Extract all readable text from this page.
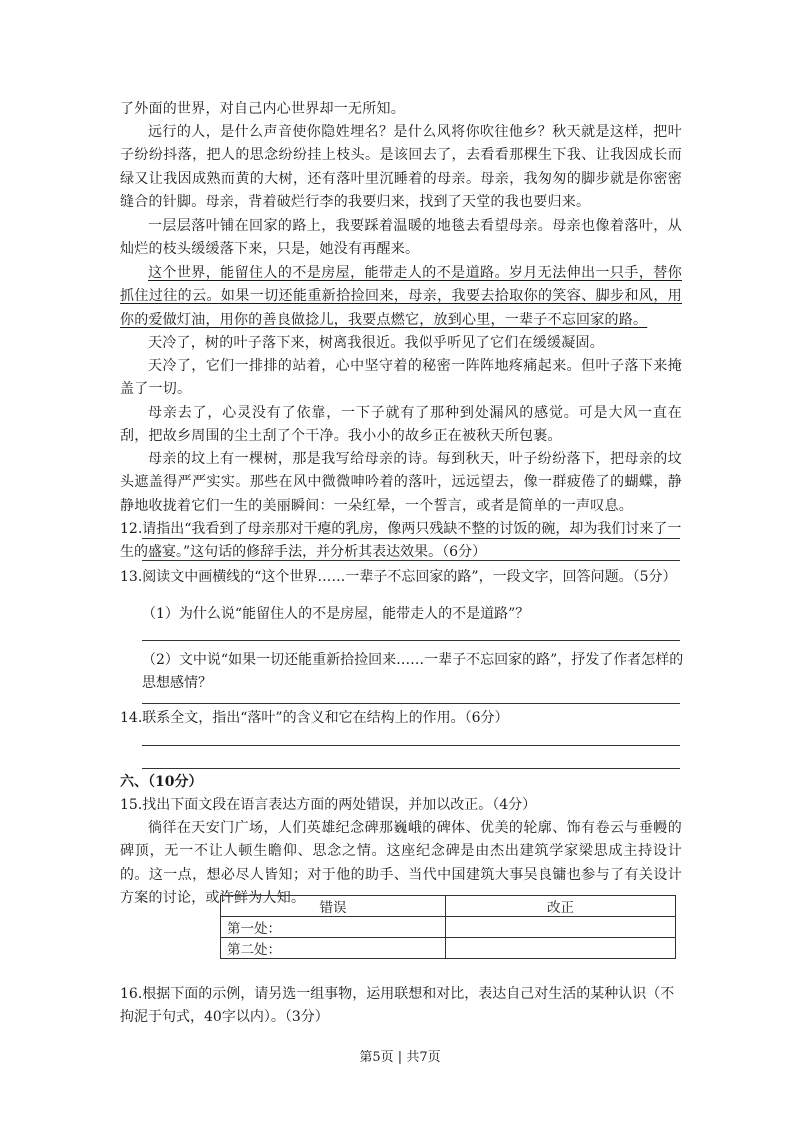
了外面的世界，对自己内心世界却一无所知。

远行的人，是什么声音使你隐姓埋名？是什么风将你吹往他乡？秋天就是这样，把叶子纷纷抖落，把人的思念纷纷挂上枝头。是该回去了，去看看那棵生下我、让我因成长而绿又让我因成熟而黄的大树，还有落叶里沉睡着的母亲。母亲，我匆匆的脚步就是你密密缝合的针脚。母亲，背着破烂行李的我要归来，找到了天堂的我也要归来。

一层层落叶铺在回家的路上，我要踩着温暖的地毯去看望母亲。母亲也像着落叶，从灿烂的枝头缓缓落下来，只是，她没有再醒来。

这个世界，能留住人的不是房屋，能带走人的不是道路。岁月无法伸出一只手，替你抓住过往的云。如果一切还能重新拾捡回来，母亲，我要去拾取你的笑容、脚步和风，用你的爱做灯油，用你的善良做捻儿，我要点燃它，放到心里，一辈子不忘回家的路。

天冷了，树的叶子落下来，树离我很近。我似乎听见了它们在缓缓凝固。

天冷了，它们一排排的站着，心中坚守着的秘密一阵阵地疼痛起来。但叶子落下来掩盖了一切。

母亲去了，心灵没有了依靠，一下子就有了那种到处漏风的感觉。可是大风一直在刮，把故乡周围的尘土刮了个干净。我小小的故乡正在被秋天所包裹。

母亲的坟上有一棵树，那是我写给母亲的诗。每到秋天，叶子纷纷落下，把母亲的坟头遮盖得严严实实。那些在风中微微呻吟着的落叶，远远望去，像一群疲倦了的蝴蝶，静静地收拢着它们一生的美丽瞬间：一朵红晕，一个誓言，或者是简单的一声叹息。

12.请指出“我看到了母亲那对干瘪的乳房，像两只残缺不整的讨饭的碗，却为我们讨来了一生的盛宴。”这句话的修辞手法，并分析其表达效果。（6分）

13.阅读文中画横线的“这个世界……一辈子不忘回家的路”，一段文字，回答问题。（5分）

（1）为什么说“能留住人的不是房屋，能带走人的不是道路”？

（2）文中说“如果一切还能重新拾捡回来……一辈子不忘回家的路”，抒发了作者怎样的思想感情？

14.联系全文，指出“落叶”的含义和它在结构上的作用。（6分）

六、（10分）

15.找出下面文段在语言表达方面的两处错误，并加以改正。（4分）

徜徉在天安门广场，人们英雄纪念碑那巍峨的碑体、优美的轮廓、饰有卷云与垂幔的碑顶，无一不让人顿生瞻仰、思念之情。这座纪念碑是由杰出建筑学家梁思成主持设计的。这一点，想必尽人皆知；对于他的助手、当代中国建筑大事吴良镛也参与了有关设计方案的讨论，或许鲜为人知。

错误	改正
第一处：	
第二处：	

16.根据下面的示例，请另选一组事物，运用联想和对比，表达自己对生活的某种认识（不拘泥于句式，40字以内）。（3分）

第5页 | 共7页
